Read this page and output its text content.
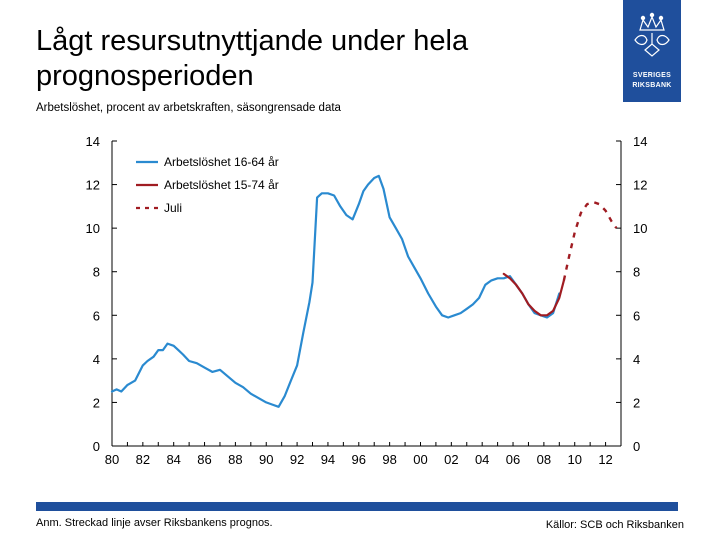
Lågt resursutnyttjande under hela
prognosperioden
Arbetslöshet, procent av arbetskraften, säsongrensade data
SVERIGES
RIKSBANK
0	0
2	2
4	4
6	6
8	8
10	10
12	12
14	14
80 82 84 86 88 90 92 94 96 98 00 02 04 06 08 10 12
Arbetslöshet 16-64 år
Arbetslöshet 15-74 år
Juli
Anm. Streckad linje avser Riksbankens prognos.	Källor: SCB och Riksbanken
